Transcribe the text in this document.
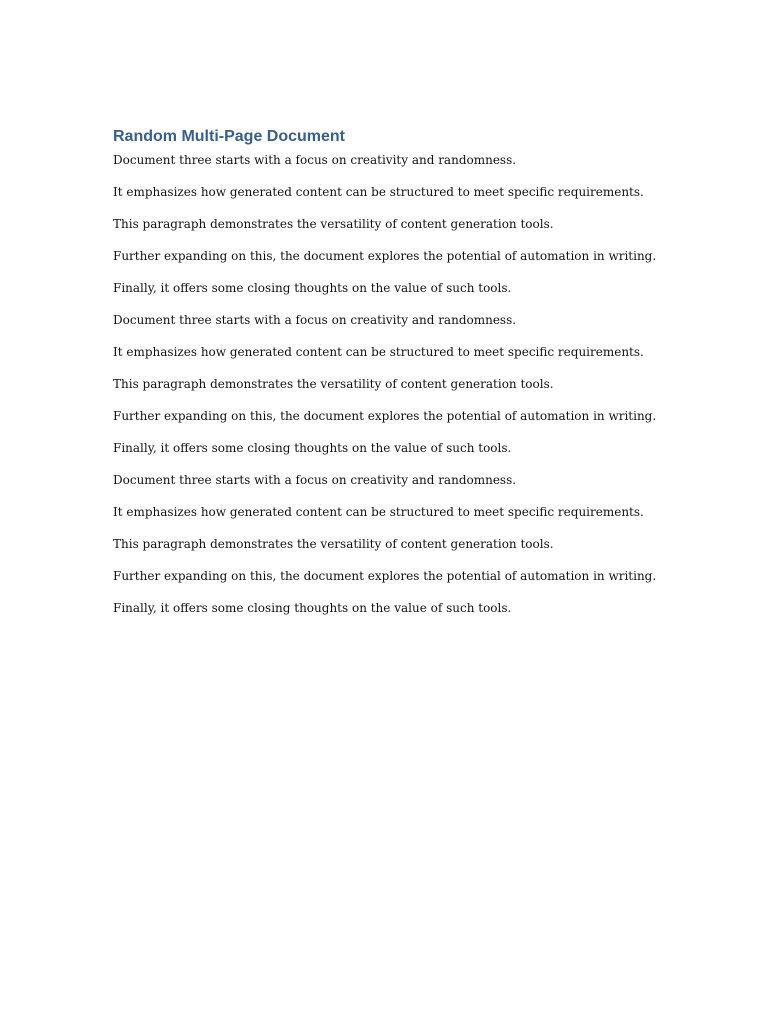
Random Multi-Page Document

Document three starts with a focus on creativity and randomness.

It emphasizes how generated content can be structured to meet specific requirements.

This paragraph demonstrates the versatility of content generation tools.

Further expanding on this, the document explores the potential of automation in writing.

Finally, it offers some closing thoughts on the value of such tools.

Document three starts with a focus on creativity and randomness.

It emphasizes how generated content can be structured to meet specific requirements.

This paragraph demonstrates the versatility of content generation tools.

Further expanding on this, the document explores the potential of automation in writing.

Finally, it offers some closing thoughts on the value of such tools.

Document three starts with a focus on creativity and randomness.

It emphasizes how generated content can be structured to meet specific requirements.

This paragraph demonstrates the versatility of content generation tools.

Further expanding on this, the document explores the potential of automation in writing.

Finally, it offers some closing thoughts on the value of such tools.
